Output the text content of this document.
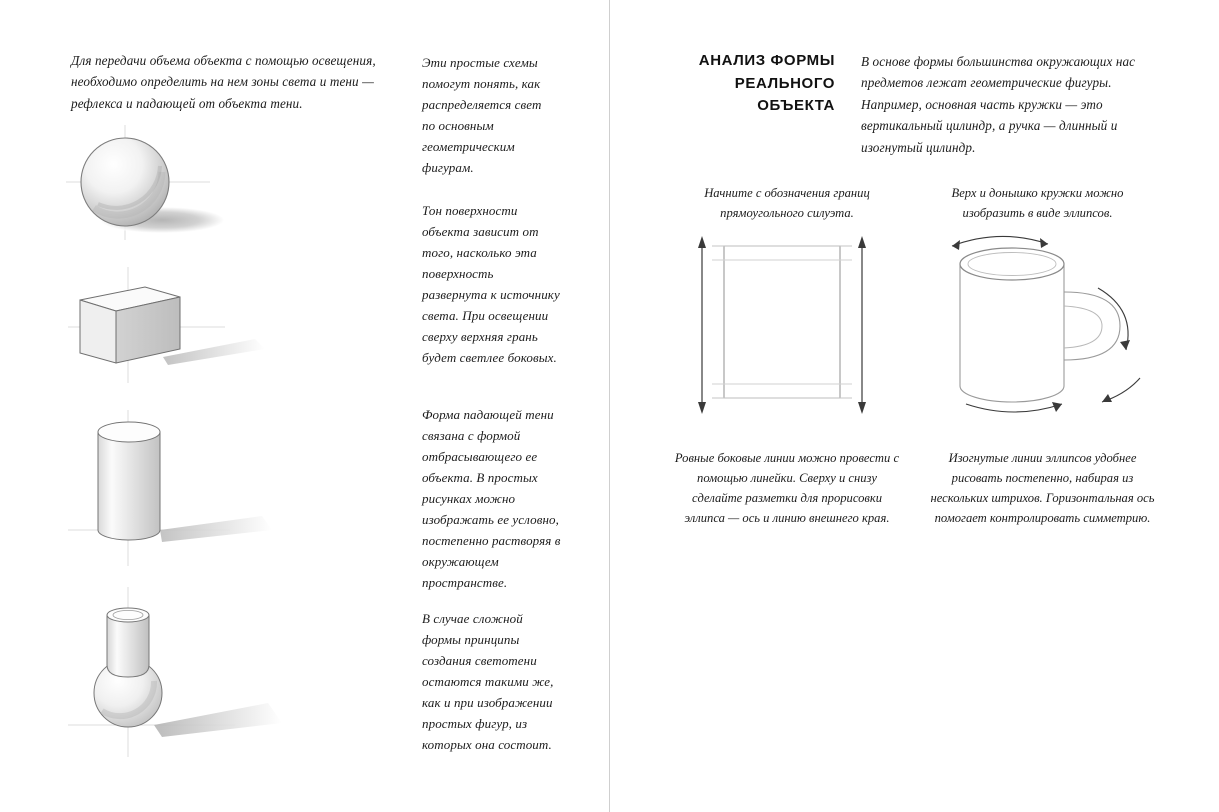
Для передачи объема объекта с помощью освещения, необходимо определить на нем зоны света и тени — рефлекса и падающей от объекта тени.
Эти простые схемы помогут понять, как распределяется свет по основным геометрическим фигурам.
Тон поверхности объекта зависит от того, насколько эта поверхность развернута к источнику света. При освещении сверху верхняя грань будет светлее боковых.
Форма падающей тени связана с формой отбрасывающего ее объекта. В простых рисунках можно изображать ее условно, постепенно растворяя в окружающем пространстве.
В случае сложной формы принципы создания светотени остаются такими же, как и при изображении простых фигур, из которых она состоит.
АНАЛИЗ ФОРМЫ РЕАЛЬНОГО ОБЪЕКТА
В основе формы большинства окружающих нас предметов лежат геометрические фигуры. Например, основная часть кружки — это вертикальный цилиндр, а ручка — длинный и изогнутый цилиндр.
Начните с обозначения границ прямоугольного силуэта.
Верх и донышко кружки можно изобразить в виде эллипсов.
Ровные боковые линии можно провести с помощью линейки. Сверху и снизу сделайте разметки для прорисовки эллипса — ось и линию внешнего края.
Изогнутые линии эллипсов удобнее рисовать постепенно, набирая из нескольких штрихов. Горизонтальная ось помогает контролировать симметрию.
